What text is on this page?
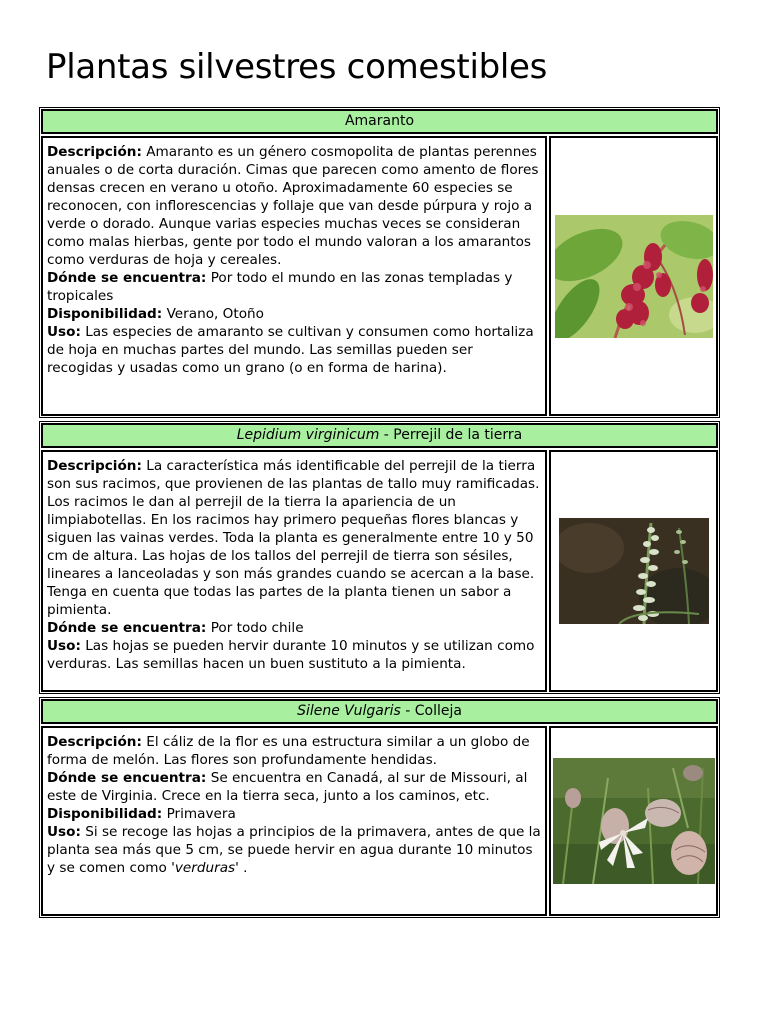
Plantas silvestres comestibles
Amaranto
Descripción: Amaranto es un género cosmopolita de plantas perennes anuales o de corta duración. Cimas que parecen como amento de flores densas crecen en verano u otoño. Aproximadamente 60 especies se reconocen, con inflorescencias y follaje que van desde púrpura y rojo a verde o dorado. Aunque varias especies muchas veces se consideran como malas hierbas, gente por todo el mundo valoran a los amarantos como verduras de hoja y cereales.
Dónde se encuentra: Por todo el mundo en las zonas templadas y tropicales
Disponibilidad: Verano, Otoño
Uso: Las especies de amaranto se cultivan y consumen como hortaliza de hoja en muchas partes del mundo. Las semillas pueden ser recogidas y usadas como un grano (o en forma de harina).
Lepidium virginicum - Perrejil de la tierra
Descripción: La característica más identificable del perrejil de la tierra son sus racimos, que provienen de las plantas de tallo muy ramificadas. Los racimos le dan al perrejil de la tierra la apariencia de un limpiabotellas. En los racimos hay primero pequeñas flores blancas y siguen las vainas verdes. Toda la planta es generalmente entre 10 y 50 cm de altura. Las hojas de los tallos del perrejil de tierra son sésiles, lineares a lanceoladas y son más grandes cuando se acercan a la base. Tenga en cuenta que todas las partes de la planta tienen un sabor a pimienta.
Dónde se encuentra: Por todo chile
Uso: Las hojas se pueden hervir durante 10 minutos y se utilizan como verduras. Las semillas hacen un buen sustituto a la pimienta.
Silene Vulgaris - Colleja
Descripción: El cáliz de la flor es una estructura similar a un globo de forma de melón. Las flores son profundamente hendidas.
Dónde se encuentra: Se encuentra en Canadá, al sur de Missouri, al este de Virginia. Crece en la tierra seca, junto a los caminos, etc.
Disponibilidad: Primavera
Uso: Si se recoge las hojas a principios de la primavera, antes de que la planta sea más que 5 cm, se puede hervir en agua durante 10 minutos y se comen como 'verduras' .
